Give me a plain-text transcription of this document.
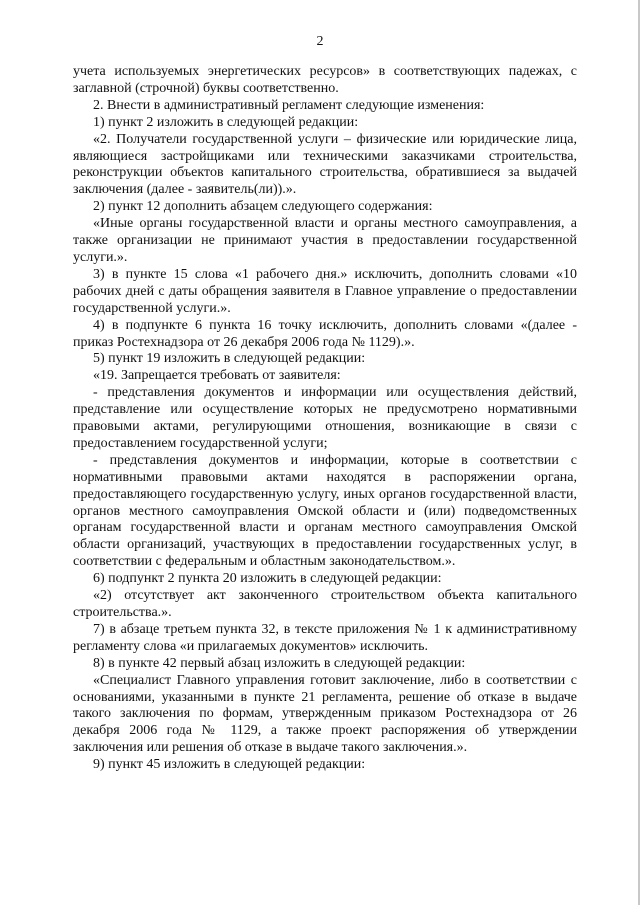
2

учета используемых энергетических ресурсов» в соответствующих падежах, с заглавной (строчной) буквы соответственно.

2. Внести в административный регламент следующие изменения:

1) пункт 2 изложить в следующей редакции:

«2. Получатели государственной услуги – физические или юридические лица, являющиеся застройщиками или техническими заказчиками строительства, реконструкции объектов капитального строительства, обратившиеся за выдачей заключения (далее - заявитель(ли)).».

2) пункт 12 дополнить абзацем следующего содержания:

«Иные органы государственной власти и органы местного самоуправления, а также организации не принимают участия в предоставлении государственной услуги.».

3) в пункте 15 слова «1 рабочего дня.» исключить, дополнить словами «10 рабочих дней с даты обращения заявителя в Главное управление о предоставлении государственной услуги.».

4) в подпункте 6 пункта 16 точку исключить, дополнить словами «(далее - приказ Ростехнадзора от 26 декабря 2006 года № 1129).».

5) пункт 19 изложить в следующей редакции:

«19. Запрещается требовать от заявителя:

- представления документов и информации или осуществления действий, представление или осуществление которых не предусмотрено нормативными правовыми актами, регулирующими отношения, возникающие в связи с предоставлением государственной услуги;

- представления документов и информации, которые в соответствии с нормативными правовыми актами находятся в распоряжении органа, предоставляющего государственную услугу, иных органов государственной власти, органов местного самоуправления Омской области и (или) подведомственных органам государственной власти и органам местного самоуправления Омской области организаций, участвующих в предоставлении государственных услуг, в соответствии с федеральным и областным законодательством.».

6) подпункт 2 пункта 20 изложить в следующей редакции:

«2) отсутствует акт законченного строительством объекта капитального строительства.».

7) в абзаце третьем пункта 32, в тексте приложения № 1 к административному регламенту слова «и прилагаемых документов» исключить.

8) в пункте 42 первый абзац изложить в следующей редакции:

«Специалист Главного управления готовит заключение, либо в соответствии с основаниями, указанными в пункте 21 регламента, решение об отказе в выдаче такого заключения по формам, утвержденным приказом Ростехнадзора от 26 декабря 2006 года № 1129, а также проект распоряжения об утверждении заключения или решения об отказе в выдаче такого заключения.».

9) пункт 45 изложить в следующей редакции:
